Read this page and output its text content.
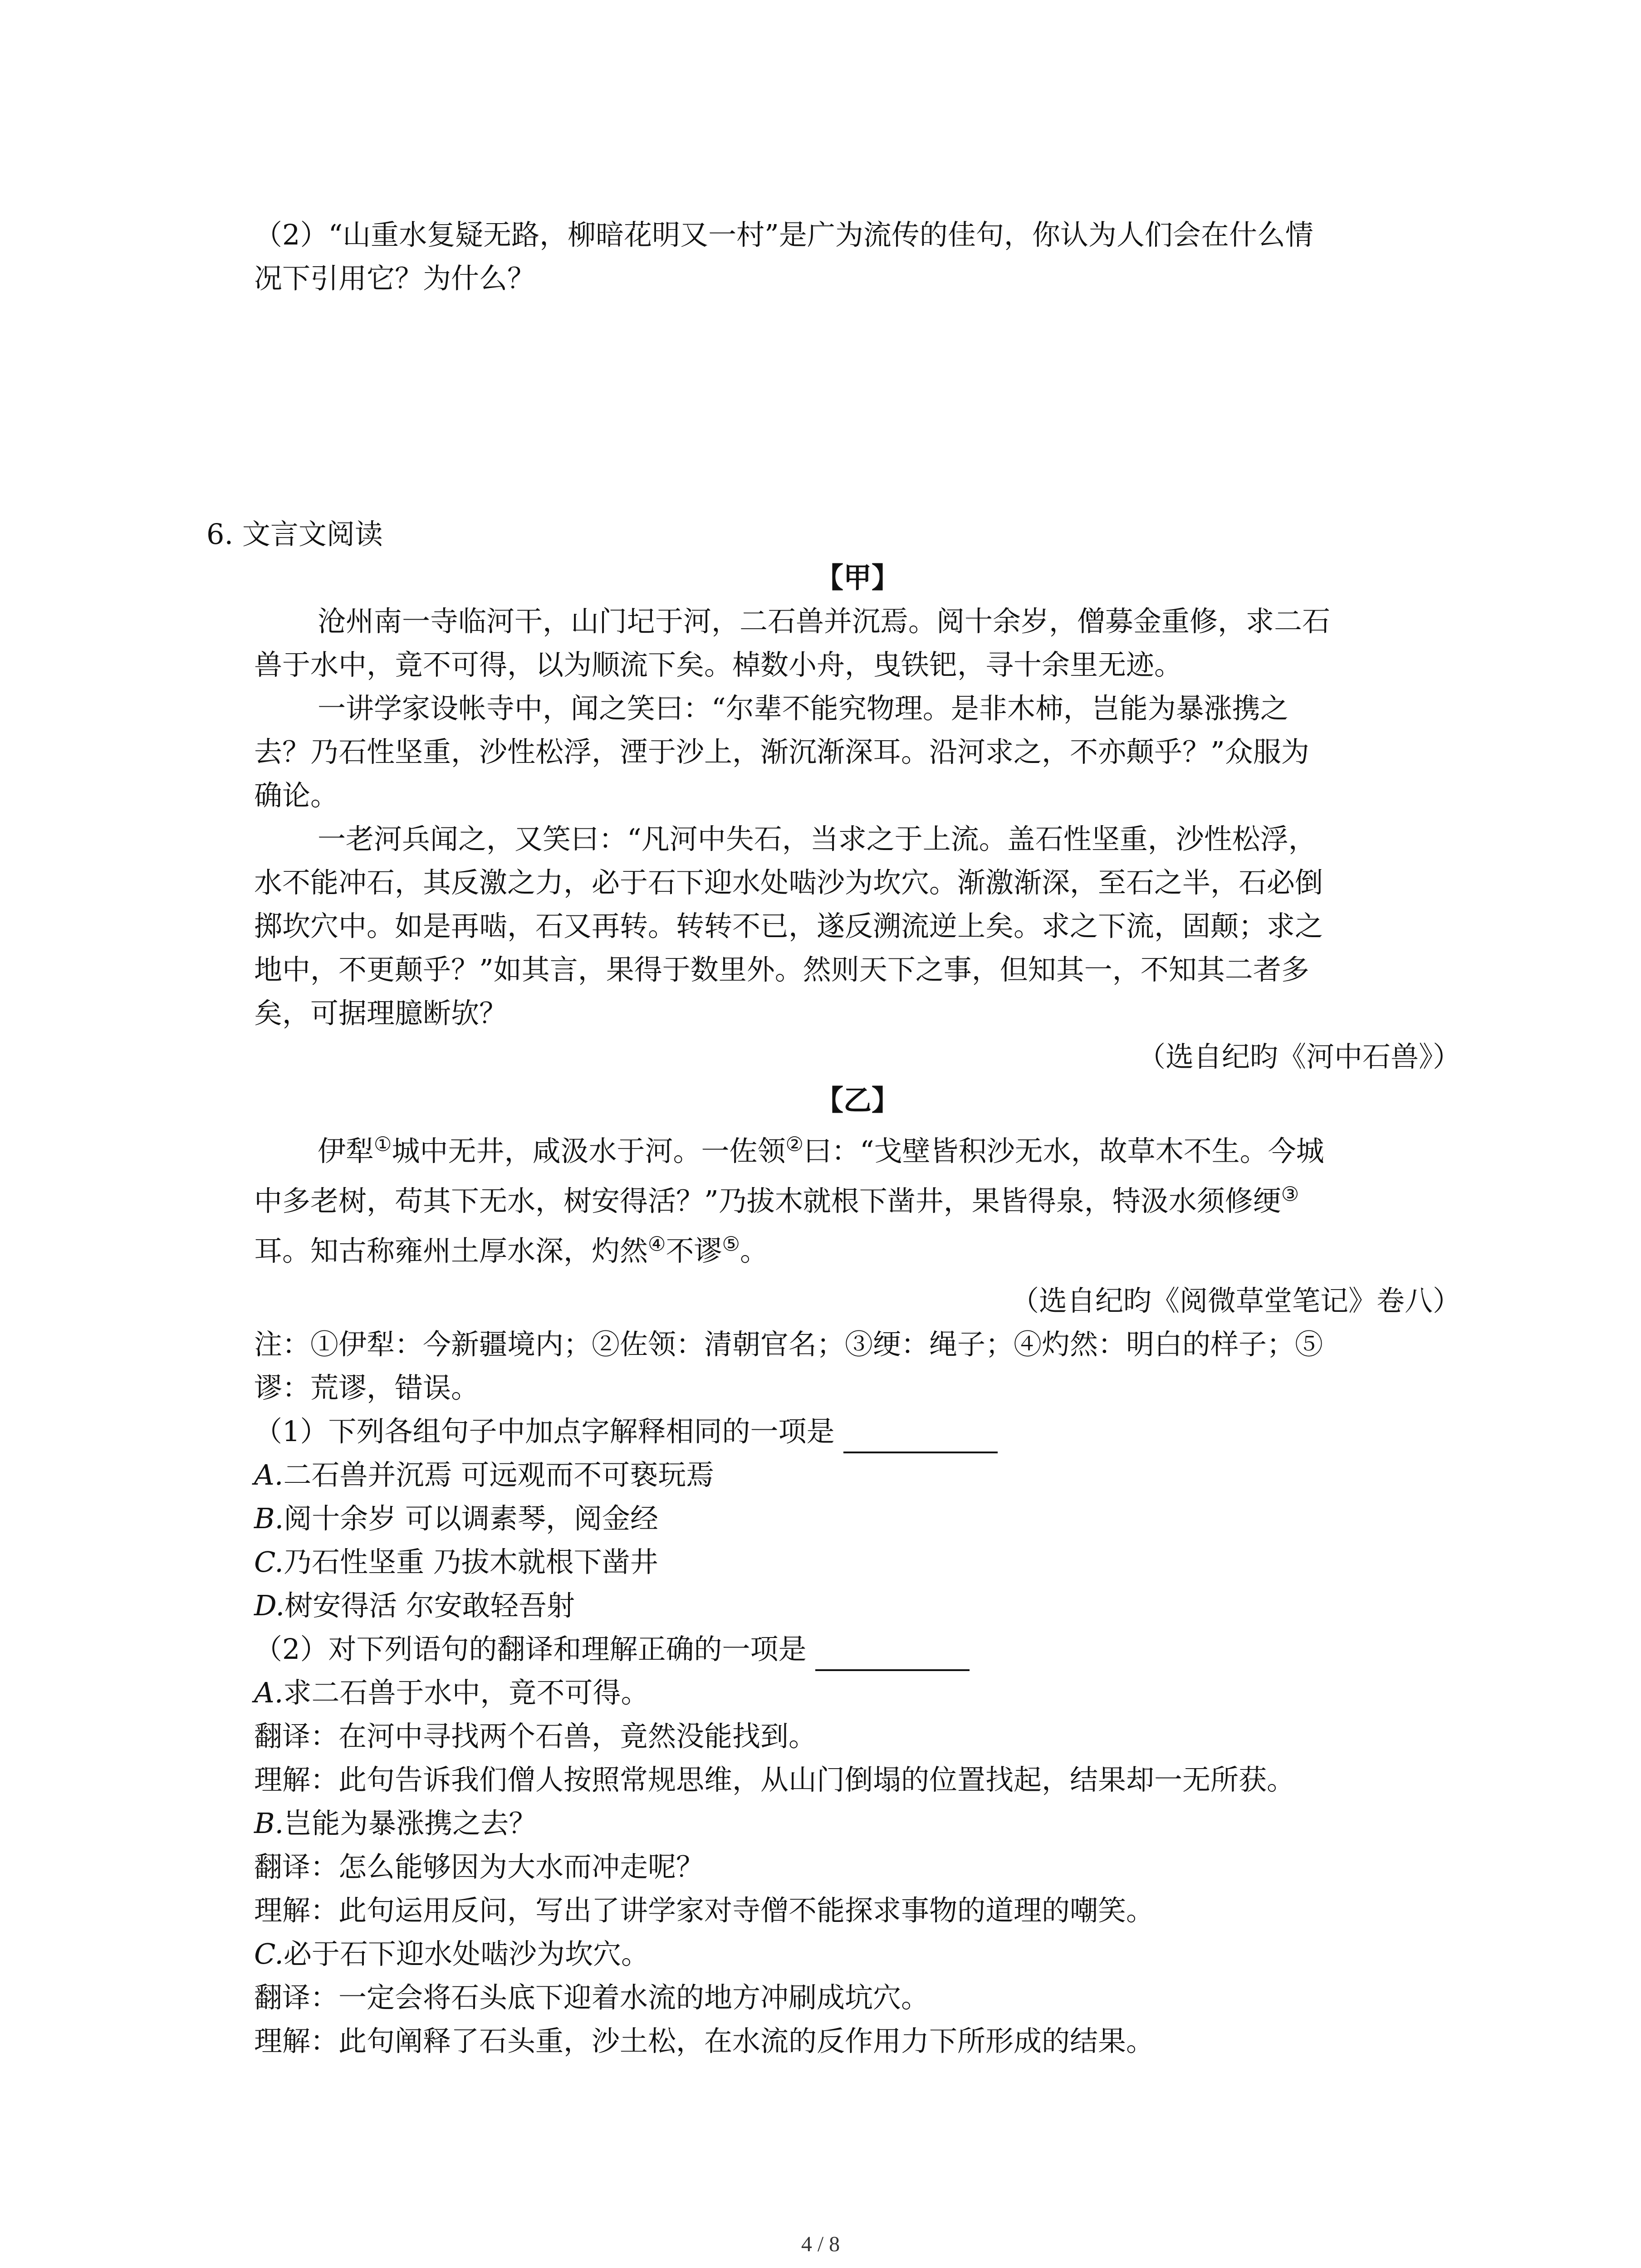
（2）“山重水复疑无路，柳暗花明又一村”是广为流传的佳句，你认为人们会在什么情
况下引用它？为什么？
6. 文言文阅读
【甲】
沧州南一寺临河干，山门圮于河，二石兽并沉焉。阅十余岁，僧募金重修，求二石
兽于水中，竟不可得，以为顺流下矣。棹数小舟，曳铁钯，寻十余里无迹。
一讲学家设帐寺中，闻之笑曰：“尔辈不能究物理。是非木柿，岂能为暴涨携之
去？乃石性坚重，沙性松浮，湮于沙上，渐沉渐深耳。沿河求之，不亦颠乎？”众服为
确论。
一老河兵闻之，又笑曰：“凡河中失石，当求之于上流。盖石性坚重，沙性松浮，
水不能冲石，其反激之力，必于石下迎水处啮沙为坎穴。渐激渐深，至石之半，石必倒
掷坎穴中。如是再啮，石又再转。转转不已，遂反溯流逆上矣。求之下流，固颠；求之
地中，不更颠乎？”如其言，果得于数里外。然则天下之事，但知其一，不知其二者多
矣，可据理臆断欤？
（选自纪昀《河中石兽》）
【乙】
伊犁①城中无井，咸汲水于河。一佐领②曰：“戈壁皆积沙无水，故草木不生。今城
中多老树，苟其下无水，树安得活？”乃拔木就根下凿井，果皆得泉，特汲水须修绠③
耳。知古称雍州土厚水深，灼然④不谬⑤。
（选自纪昀《阅微草堂笔记》卷八）
注：①伊犁：今新疆境内；②佐领：清朝官名；③绠：绳子；④灼然：明白的样子；⑤
谬：荒谬，错误。
（1）下列各组句子中加点字解释相同的一项是
A.二石兽并沉焉 可远观而不可亵玩焉
B.阅十余岁 可以调素琴，阅金经
C.乃石性坚重 乃拔木就根下凿井
D.树安得活 尔安敢轻吾射
（2）对下列语句的翻译和理解正确的一项是
A.求二石兽于水中，竟不可得。
翻译：在河中寻找两个石兽，竟然没能找到。
理解：此句告诉我们僧人按照常规思维，从山门倒塌的位置找起，结果却一无所获。
B.岂能为暴涨携之去？
翻译：怎么能够因为大水而冲走呢？
理解：此句运用反问，写出了讲学家对寺僧不能探求事物的道理的嘲笑。
C.必于石下迎水处啮沙为坎穴。
翻译：一定会将石头底下迎着水流的地方冲刷成坑穴。
理解：此句阐释了石头重，沙土松，在水流的反作用力下所形成的结果。
4 / 8
